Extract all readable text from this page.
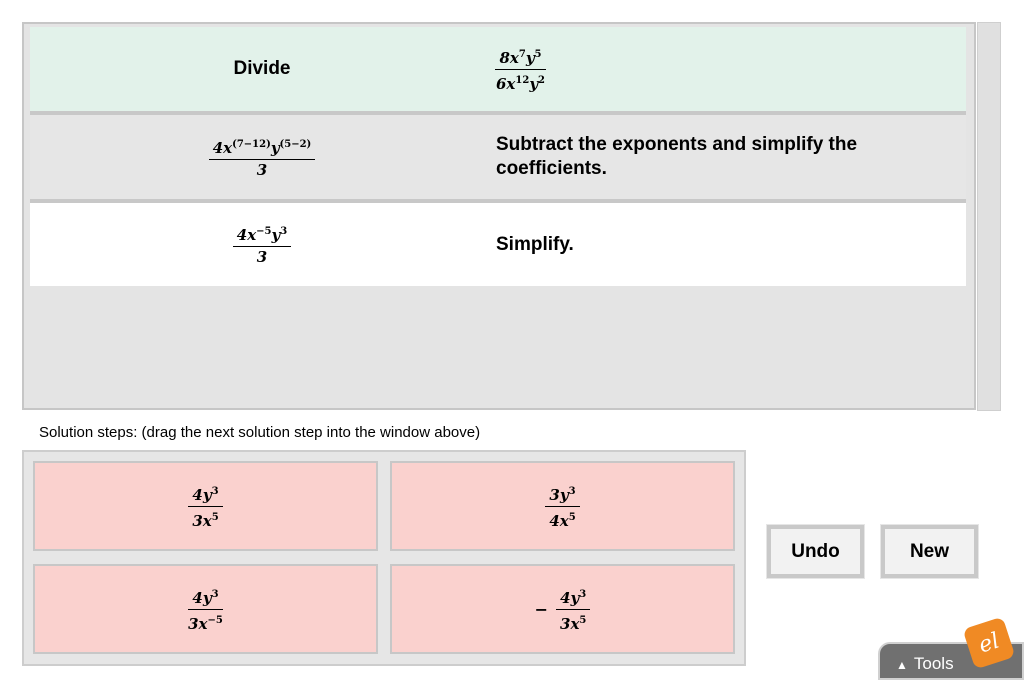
Divide	$\frac{8x^7y^5}{6x^{12}y^2}$
$\frac{4x^{(7-12)}y^{(5-2)}}{3}$	Subtract the exponents and simplify the coefficients.
$\frac{4x^{-5}y^3}{3}$	Simplify.
Solution steps: (drag the next solution step into the window above)
$\frac{4y^3}{3x^5}$	$\frac{3y^3}{4x^5}$
$\frac{4y^3}{3x^{-5}}$	− $\frac{4y^3}{3x^5}$
Undo	New
▲ Tools
el
